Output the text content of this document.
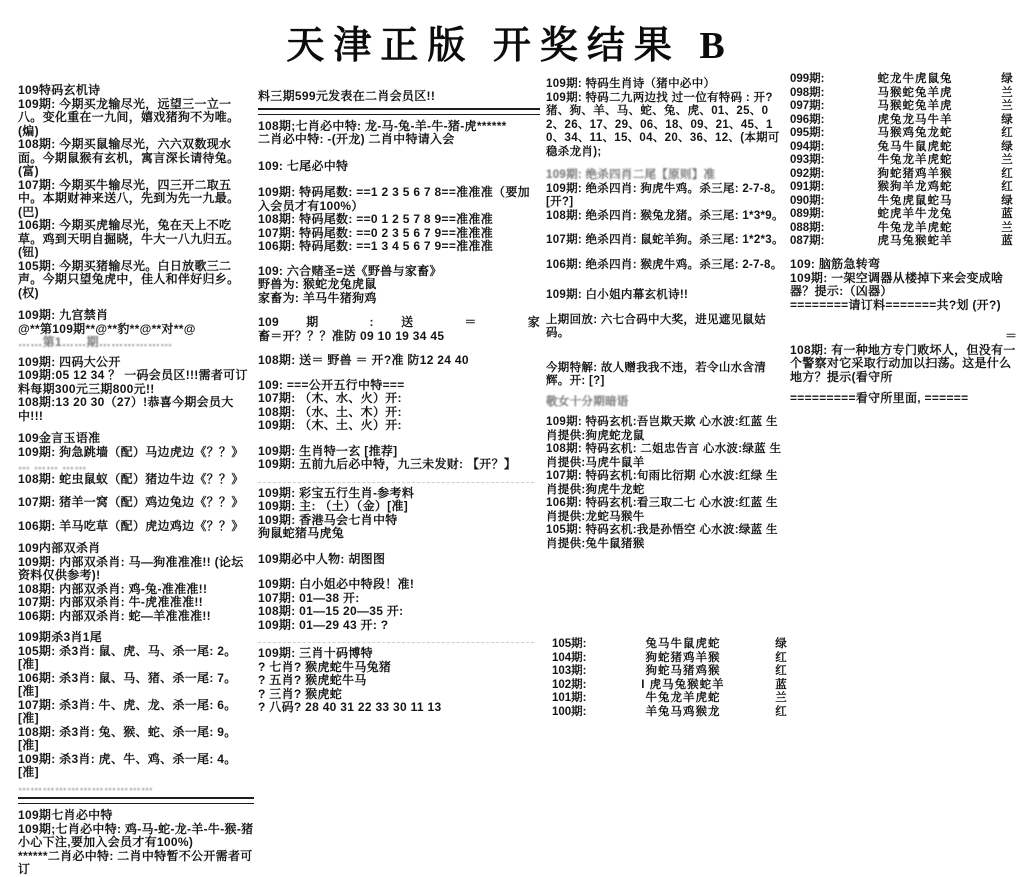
天津正版 开奖结果 B
109特码玄机诗
109期: 今期买龙输尽光，远望三一立一八。变化重在一九间，嬉戏猪狗不为唯。(煸)
108期: 今期买鼠输尽光，六六双数现水面。今期鼠猴有玄机，寓言深长请待兔。(富)
107期: 今期买牛输尽光，四三开二取五中。本期财神来送八，先到为先一九最。(巴)
106期: 今期买虎输尽光，兔在天上不吃草。鸡到天明自掘晓，牛大一八九归五。(钮)
105期: 今期买猪输尽光。白日放歌三二声。今期只望兔虎中，佳人和伴好归乡。(权)
109期: 九宫禁肖
@**第109期**@**豹**@**对**@
……第1……期………………
109期: 四码大公开
109期:05 12 34 ？ 一码会员区!!!需者可订料每期300元三期800元!!
108期:13 20 30（27）!恭喜今期会员大中!!!
109金言玉语准
109期: 狗急跳墙（配）马边虎边《？？》
… …… ……
108期: 蛇虫鼠蚁（配）猪边牛边《？？》
107期: 猪羊一窝（配）鸡边兔边《？？》
106期: 羊马吃草（配）虎边鸡边《？？》
109内部双杀肖
109期: 内部双杀肖: 马—狗准准准!! (论坛资料仅供参考)!
108期: 内部双杀肖: 鸡-兔-准准准!!
107期: 内部双杀肖: 牛-虎准准准!!
106期: 内部双杀肖: 蛇—羊准准准!!
109期杀3肖1尾
105期: 杀3肖: 鼠、虎、马、杀一尾: 2。[准]
106期: 杀3肖: 鼠、马、猪、杀一尾: 7。[准]
107期: 杀3肖: 牛、虎、龙、杀一尾: 6。[准]
108期: 杀3肖: 兔、猴、蛇、杀一尾: 9。[准]
109期: 杀3肖: 虎、牛、鸡、杀一尾: 4。[准]
……………………………
109期七肖必中特
109期;七肖必中特: 鸡-马-蛇-龙-羊-牛-猴-猪小心下注,要加入会员才有100%)
******二肖必中特: 二肖中特暂不公开需者可订
料三期599元发表在二肖会员区!!
108期;七肖必中特: 龙-马-兔-羊-牛-猪-虎******
二肖必中特: -(开龙) 二肖中特请入会
109: 七尾必中特
109期: 特码尾数: ==1 2 3 5 6 7 8==准准准（要加入会员才有100%）
108期: 特码尾数: ==0 1 2 5 7 8 9==准准准
107期: 特码尾数: ==0 2 3 5 6 7 9==准准准
106期: 特码尾数: ==1 3 4 5 6 7 9==准准准
109: 六合赌圣=送《野兽与家畜》
野兽为: 猴蛇龙兔虎鼠
家畜为: 羊马牛猪狗鸡
109 期 : 送 ＝ 家
畜＝开？？？准防 09 10 19 34 45
108期: 送＝ 野兽 ＝ 开?准 防12 24 40
109: ===公开五行中特===
107期: （木、水、火）开:
108期: （水、土、木）开:
109期: （木、土、火）开:
109期: 生肖特一玄 [推荐]
109期: 五前九后必中特，九三未发财: 【开？】
109期: 彩宝五行生肖-参考料
109期: 主: （土）（金）[准]
109期: 香港马会七肖中特
狗鼠蛇猪马虎兔
109期必中人物: 胡图图
109期: 白小姐必中特段！准!
107期: 01—38 开:
108期: 01—15 20—35 开:
109期: 01—29 43 开: ?
109期: 三肖十码博特
? 七肖? 猴虎蛇牛马兔猪
? 五肖? 猴虎蛇牛马
? 三肖? 猴虎蛇
? 八码? 28 40 31 22 33 30 11 13
109期: 特码生肖诗（猪中必中）
109期: 特码二九两边找 过一位有特码 : 开?
猪、狗、羊、马、蛇、兔、虎、01、25、02、26、17、29、06、18、09、21、45、10、34、11、15、04、20、36、12、(本期可稳杀龙肖);
109期: 绝杀四肖二尾【原则】准
109期: 绝杀四肖: 狗虎牛鸡。杀三尾: 2-7-8。[开?]
108期: 绝杀四肖: 猴兔龙猪。杀三尾: 1*3*9。
107期: 绝杀四肖: 鼠蛇羊狗。杀三尾: 1*2*3。
106期: 绝杀四肖: 猴虎牛鸡。杀三尾: 2-7-8。
109期: 白小姐内幕玄机诗!!
上期回放: 六七合码中大奖，进见遮见鼠姑码。
今期特解: 故人赠我我不违，若令山水含清辉。开: [?]
敬女十分期暗语
109期: 特码玄机:吾岂欺天欺 心水波:红蓝 生肖提供:狗虎蛇龙鼠
108期: 特码玄机: 二姐忠告言 心水波:绿蓝 生肖提供:马虎牛鼠羊
107期: 特码玄机:旬雨比衍期 心水波:红绿 生肖提供:狗虎牛龙蛇
106期: 特码玄机:看三取二七 心水波:红蓝 生肖提供:龙蛇马猴牛
105期: 特码玄机:我是孙悟空 心水波:绿蓝 生肖提供:兔牛鼠猪猴
109: 脑筋急转弯
109期: 一架空调器从楼掉下来会变成啥器？提示:（凶器）
========请订料=======共?划 (开?)
＝
108期: 有一种地方专门败坏人，但没有一个警察对它采取行动加以扫荡。这是什么地方？提示(看守所
=========看守所里面, ======
105期:	兔马牛鼠虎蛇	绿
104期:	狗蛇猪鸡羊猴	红
103期:	狗蛇马猪鸡猴	红
102期:	I 虎马兔猴蛇羊	蓝
101期:	牛兔龙羊虎蛇	兰
100期:	羊兔马鸡猴龙	红
099期:	蛇龙牛虎鼠兔	绿
098期:	马猴蛇兔羊虎	兰
097期:	马猴蛇兔羊虎	兰
096期:	虎兔龙马牛羊	绿
095期:	马猴鸡兔龙蛇	红
094期:	兔马牛鼠虎蛇	绿
093期:	牛兔龙羊虎蛇	兰
092期:	狗蛇猪鸡羊猴	红
091期:	猴狗羊龙鸡蛇	红
090期:	牛兔虎鼠蛇马	绿
089期:	蛇虎羊牛龙兔	蓝
088期:	牛兔龙羊虎蛇	兰
087期:	虎马兔猴蛇羊	蓝
